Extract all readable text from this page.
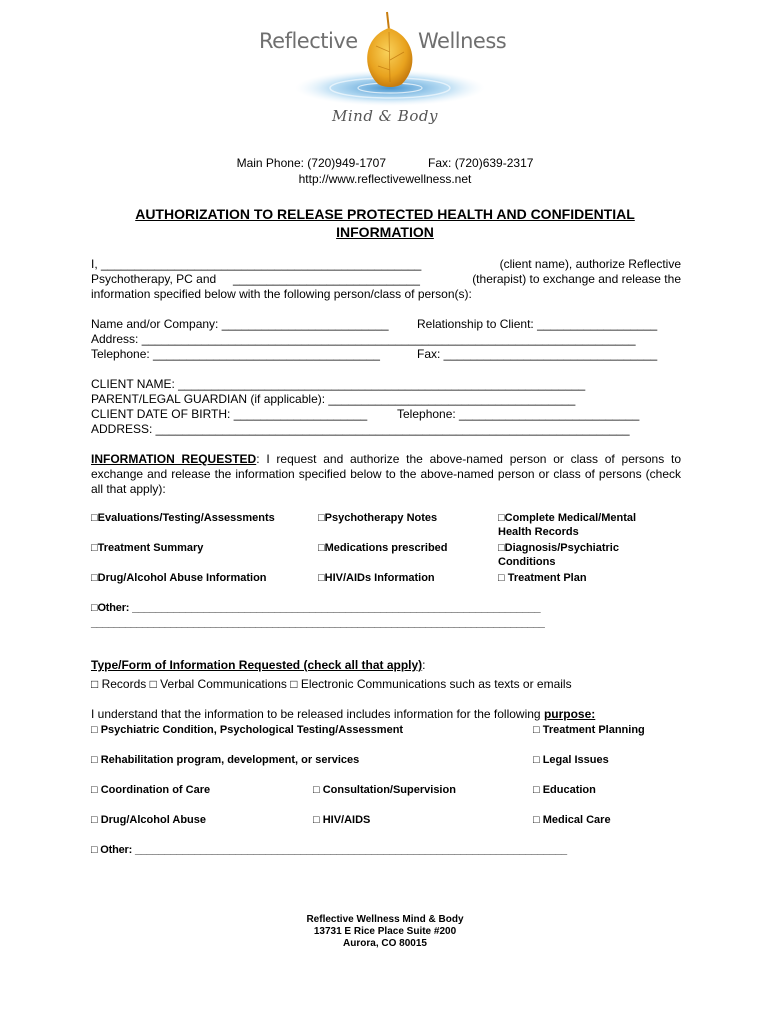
Reflective	Wellness
Mind & Body
Main Phone: (720)949-1707	Fax: (720)639-2317
http://www.reflectivewellness.net
AUTHORIZATION TO RELEASE PROTECTED HEALTH AND CONFIDENTIAL
INFORMATION
I, ________________________________________________	(client name), authorize Reflective
Psychotherapy, PC and ____________________________	(therapist) to exchange and release the
information specified below with the following person/class of person(s):
Name and/or Company: _________________________ Relationship to Client: __________________
Address: __________________________________________________________________________
Telephone: __________________________________	Fax: ________________________________
CLIENT NAME: _____________________________________________________________
PARENT/LEGAL GUARDIAN (if applicable): _____________________________________
CLIENT DATE OF BIRTH: ____________________ Telephone: ___________________________
ADDRESS: _______________________________________________________________________
INFORMATION REQUESTED: I request and authorize the above-named person or class of persons to exchange and release the information specified below to the above-named person or class of persons (check all that apply):
□Evaluations/Testing/Assessments	□Psychotherapy Notes	□Complete Medical/Mental
Health Records
□Treatment Summary	□Medications prescribed	□Diagnosis/Psychiatric
Conditions
□Drug/Alcohol Abuse Information	□HIV/AIDs Information	□ Treatment Plan
□Other: _____________________________________________________________________
________________________________________________________________________________
Type/Form of Information Requested (check all that apply):
□ Records □ Verbal Communications □ Electronic Communications such as texts or emails
I understand that the information to be released includes information for the following purpose:
□ Psychiatric Condition, Psychological Testing/Assessment	□ Treatment Planning
□ Rehabilitation program, development, or services	□ Legal Issues
□ Coordination of Care	□ Consultation/Supervision	□ Education
□ Drug/Alcohol Abuse	□ HIV/AIDS	□ Medical Care
□ Other: _________________________________________________________________________
Reflective Wellness Mind & Body
13731 E Rice Place Suite #200
Aurora, CO 80015
